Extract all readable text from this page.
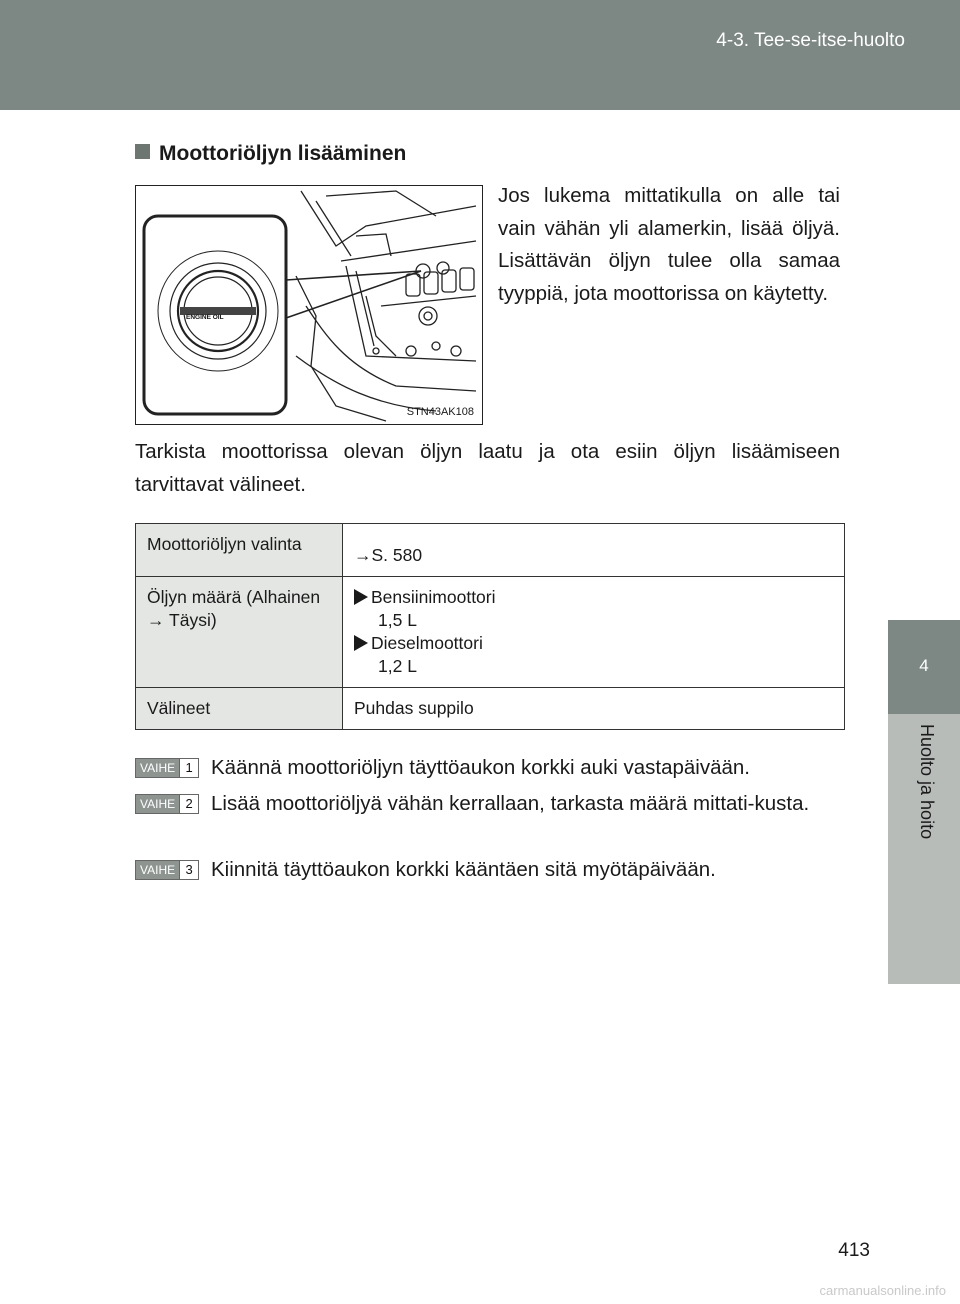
4-3. Tee-se-itse-huolto
4
Huolto ja hoito
Moottoriöljyn lisääminen
ENGINE OIL
STN43AK108
Jos lukema mittatikulla on alle tai vain vähän yli alamerkin, lisää öljyä. Lisättävän öljyn tulee olla samaa tyyppiä, jota moottorissa on käytetty.
Tarkista moottorissa olevan öljyn laatu ja ota esiin öljyn lisäämiseen tarvittavat välineet.
Moottoriöljyn valinta	→S. 580
Öljyn määrä (Alhainen → Täysi)	Bensiinimoottori
1,5 L
Dieselmoottori
1,2 L

Välineet	Puhdas suppilo
VAIHE 1 Käännä moottoriöljyn täyttöaukon korkki auki vastapäivään.
VAIHE 2 Lisää moottoriöljyä vähän kerrallaan, tarkasta määrä mittati-kusta.
VAIHE 3 Kiinnitä täyttöaukon korkki kääntäen sitä myötäpäivään.
413
carmanualsonline.info
